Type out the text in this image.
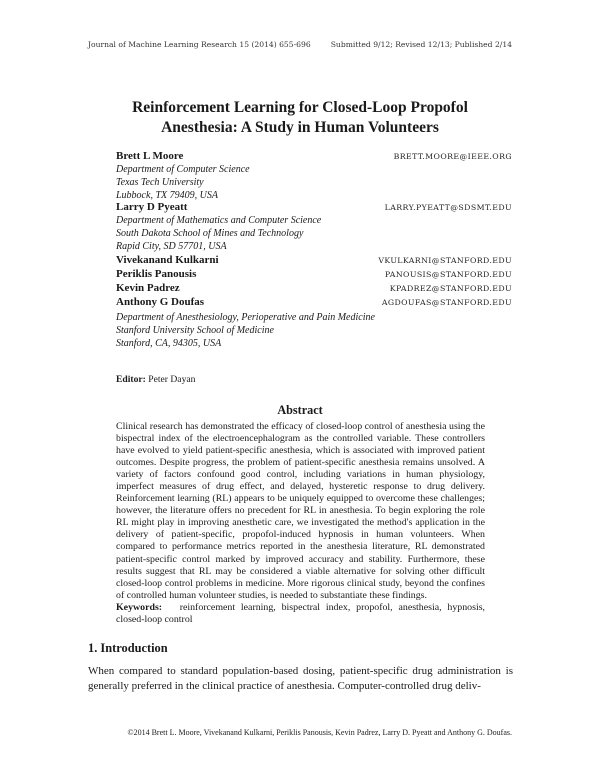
Journal of Machine Learning Research 15 (2014) 655-696	Submitted 9/12; Revised 12/13; Published 2/14
Reinforcement Learning for Closed-Loop Propofol
Anesthesia: A Study in Human Volunteers
Brett L Moore	BRETT.MOORE@IEEE.ORG
Department of Computer Science
Texas Tech University
Lubbock, TX 79409, USA
Larry D Pyeatt	LARRY.PYEATT@SDSMT.EDU
Department of Mathematics and Computer Science
South Dakota School of Mines and Technology
Rapid City, SD 57701, USA
Vivekanand Kulkarni	VKULKARNI@STANFORD.EDU
Periklis Panousis	PANOUSIS@STANFORD.EDU
Kevin Padrez	KPADREZ@STANFORD.EDU
Anthony G Doufas	AGDOUFAS@STANFORD.EDU
Department of Anesthesiology, Perioperative and Pain Medicine
Stanford University School of Medicine
Stanford, CA, 94305, USA
Editor: Peter Dayan
Abstract
Clinical research has demonstrated the efficacy of closed-loop control of anesthesia using the bispectral index of the electroencephalogram as the controlled variable. These controllers have evolved to yield patient-specific anesthesia, which is associated with improved patient outcomes. Despite progress, the problem of patient-specific anesthesia remains unsolved. A variety of factors confound good control, including variations in human physiology, imperfect measures of drug effect, and delayed, hysteretic response to drug delivery. Reinforcement learning (RL) appears to be uniquely equipped to overcome these challenges; however, the literature offers no precedent for RL in anesthesia. To begin exploring the role RL might play in improving anesthetic care, we investigated the method's application in the delivery of patient-specific, propofol-induced hypnosis in human volunteers. When compared to performance metrics reported in the anesthesia literature, RL demonstrated patient-specific control marked by improved accuracy and stability. Furthermore, these results suggest that RL may be considered a viable alternative for solving other difficult closed-loop control problems in medicine. More rigorous clinical study, beyond the confines of controlled human volunteer studies, is needed to substantiate these findings.
Keywords: reinforcement learning, bispectral index, propofol, anesthesia, hypnosis, closed-loop control
1. Introduction
When compared to standard population-based dosing, patient-specific drug administration is generally preferred in the clinical practice of anesthesia. Computer-controlled drug deliv-
©2014 Brett L. Moore, Vivekanand Kulkarni, Periklis Panousis, Kevin Padrez, Larry D. Pyeatt and Anthony G. Doufas.
